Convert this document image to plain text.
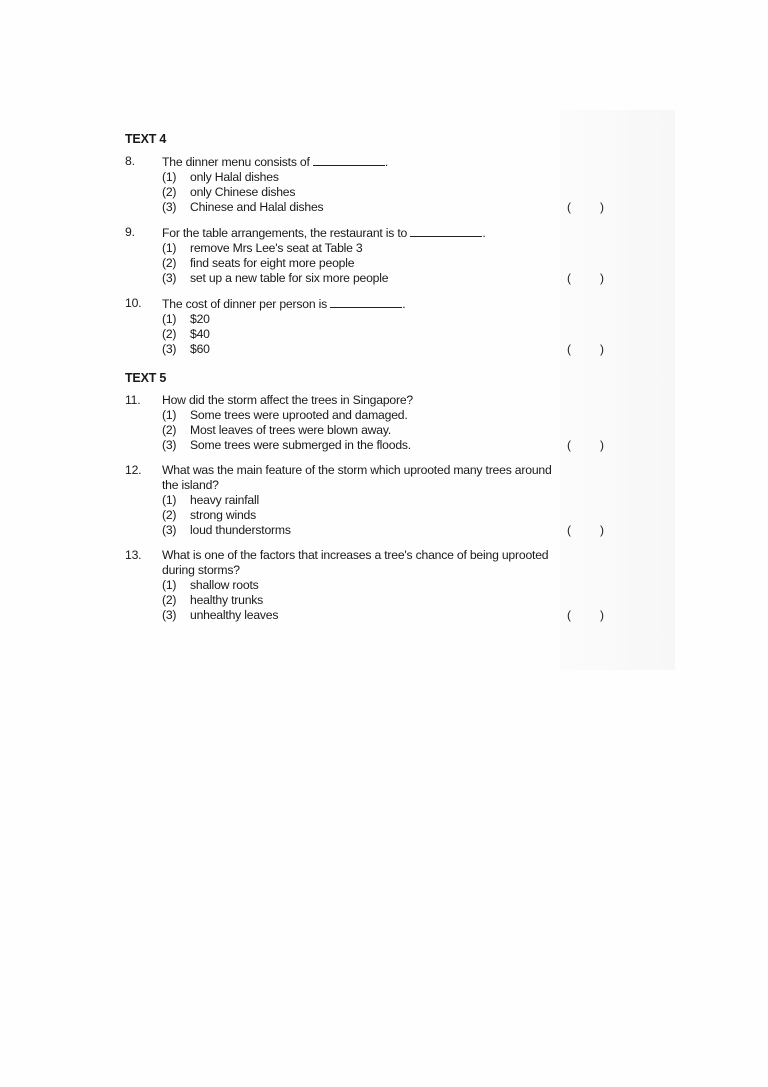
TEXT 4
8.	The dinner menu consists of	.
(1) only Halal dishes
(2) only Chinese dishes
(3) Chinese and Halal dishes	( )
9.	For the table arrangements, the restaurant is to	.
(1) remove Mrs Lee's seat at Table 3
(2) find seats for eight more people
(3) set up a new table for six more people	( )
10.	The cost of dinner per person is	.
(1) $20
(2) $40
(3) $60	( )
TEXT 5
11.	How did the storm affect the trees in Singapore?
(1) Some trees were uprooted and damaged.
(2) Most leaves of trees were blown away.
(3) Some trees were submerged in the floods.	( )
12.	What was the main feature of the storm which uprooted many trees around
the island?
(1) heavy rainfall
(2) strong winds
(3) loud thunderstorms	( )
13.	What is one of the factors that increases a tree's chance of being uprooted
during storms?
(1) shallow roots
(2) healthy trunks
(3) unhealthy leaves	( )
